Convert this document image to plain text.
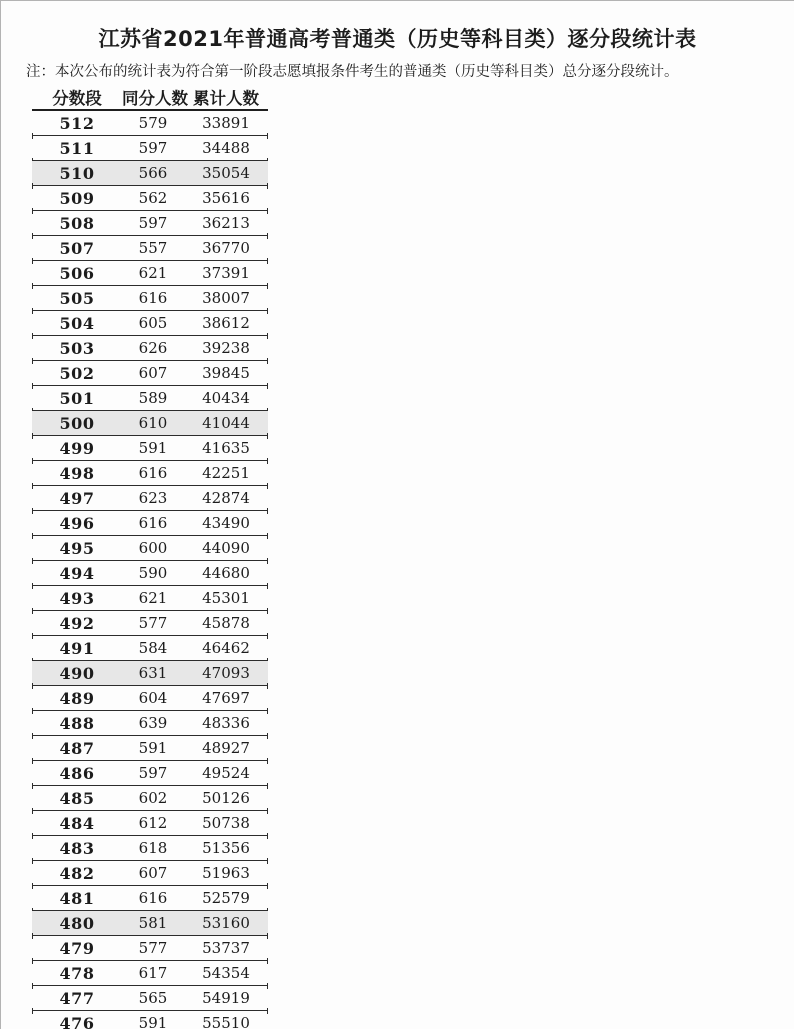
江苏省2021年普通高考普通类（历史等科目类）逐分段统计表
注：本次公布的统计表为符合第一阶段志愿填报条件考生的普通类（历史等科目类）总分逐分段统计。
分数段	同分人数 累计人数
512	579	33891
511	597	34488
510	566	35054
509	562	35616
508	597	36213
507	557	36770
506	621	37391
505	616	38007
504	605	38612
503	626	39238
502	607	39845
501	589	40434
500	610	41044
499	591	41635
498	616	42251
497	623	42874
496	616	43490
495	600	44090
494	590	44680
493	621	45301
492	577	45878
491	584	46462
490	631	47093
489	604	47697
488	639	48336
487	591	48927
486	597	49524
485	602	50126
484	612	50738
483	618	51356
482	607	51963
481	616	52579
480	581	53160
479	577	53737
478	617	54354
477	565	54919
476	591	55510
